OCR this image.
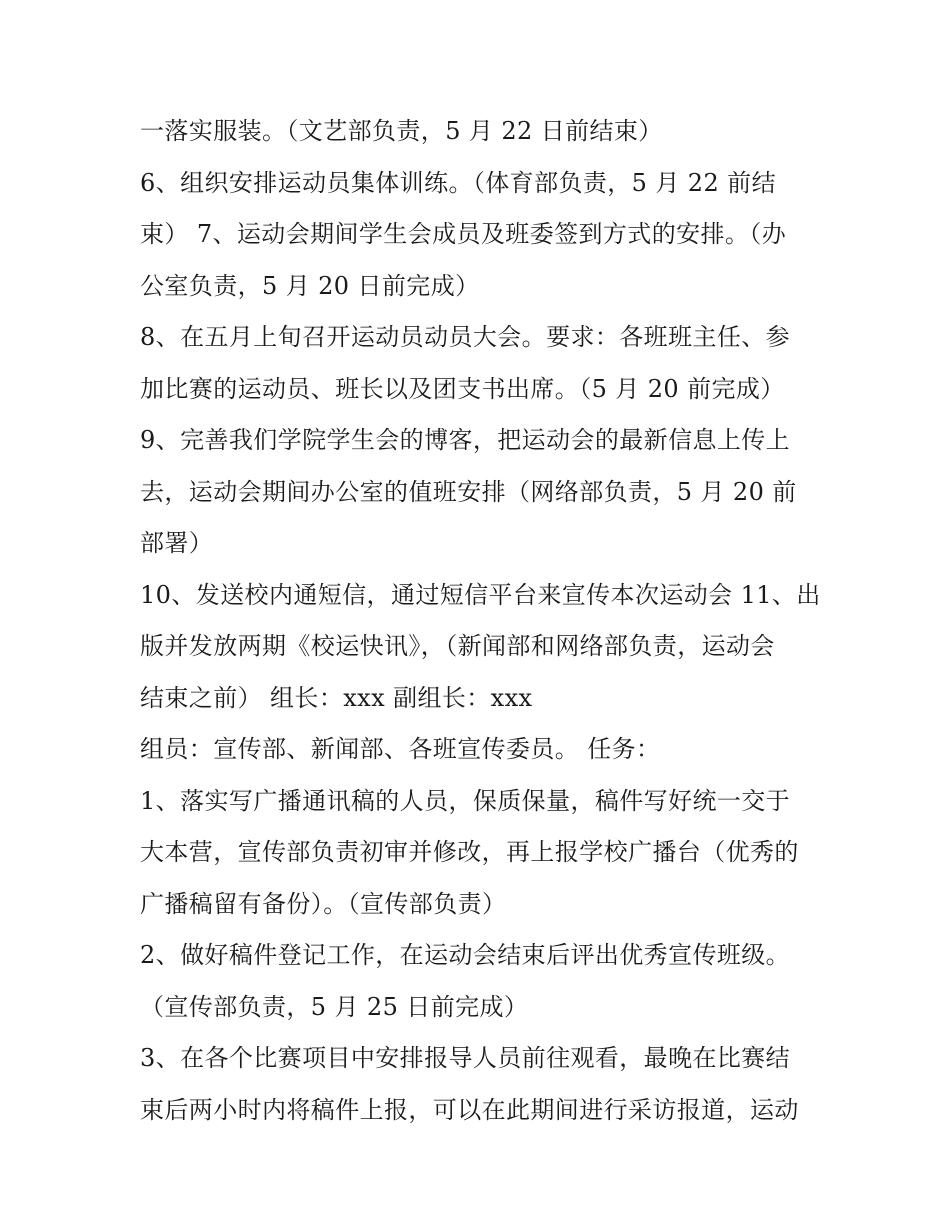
一落实服装。（文艺部负责，5 月 22 日前结束）
6、组织安排运动员集体训练。（体育部负责，5 月 22 前结
束） 7、运动会期间学生会成员及班委签到方式的安排。（办
公室负责，5 月 20 日前完成）
8、在五月上旬召开运动员动员大会。要求：各班班主任、参
加比赛的运动员、班长以及团支书出席。（5 月 20 前完成）
9、完善我们学院学生会的博客，把运动会的最新信息上传上
去，运动会期间办公室的值班安排（网络部负责，5 月 20 前
部署）
10、发送校内通短信，通过短信平台来宣传本次运动会 11、出
版并发放两期《校运快讯》，（新闻部和网络部负责，运动会
结束之前） 组长：xxx 副组长：xxx
组员：宣传部、新闻部、各班宣传委员。 任务：
1、落实写广播通讯稿的人员，保质保量，稿件写好统一交于
大本营，宣传部负责初审并修改，再上报学校广播台（优秀的
广播稿留有备份）。（宣传部负责）
2、做好稿件登记工作，在运动会结束后评出优秀宣传班级。
（宣传部负责，5 月 25 日前完成）
3、在各个比赛项目中安排报导人员前往观看，最晚在比赛结
束后两小时内将稿件上报，可以在此期间进行采访报道，运动
